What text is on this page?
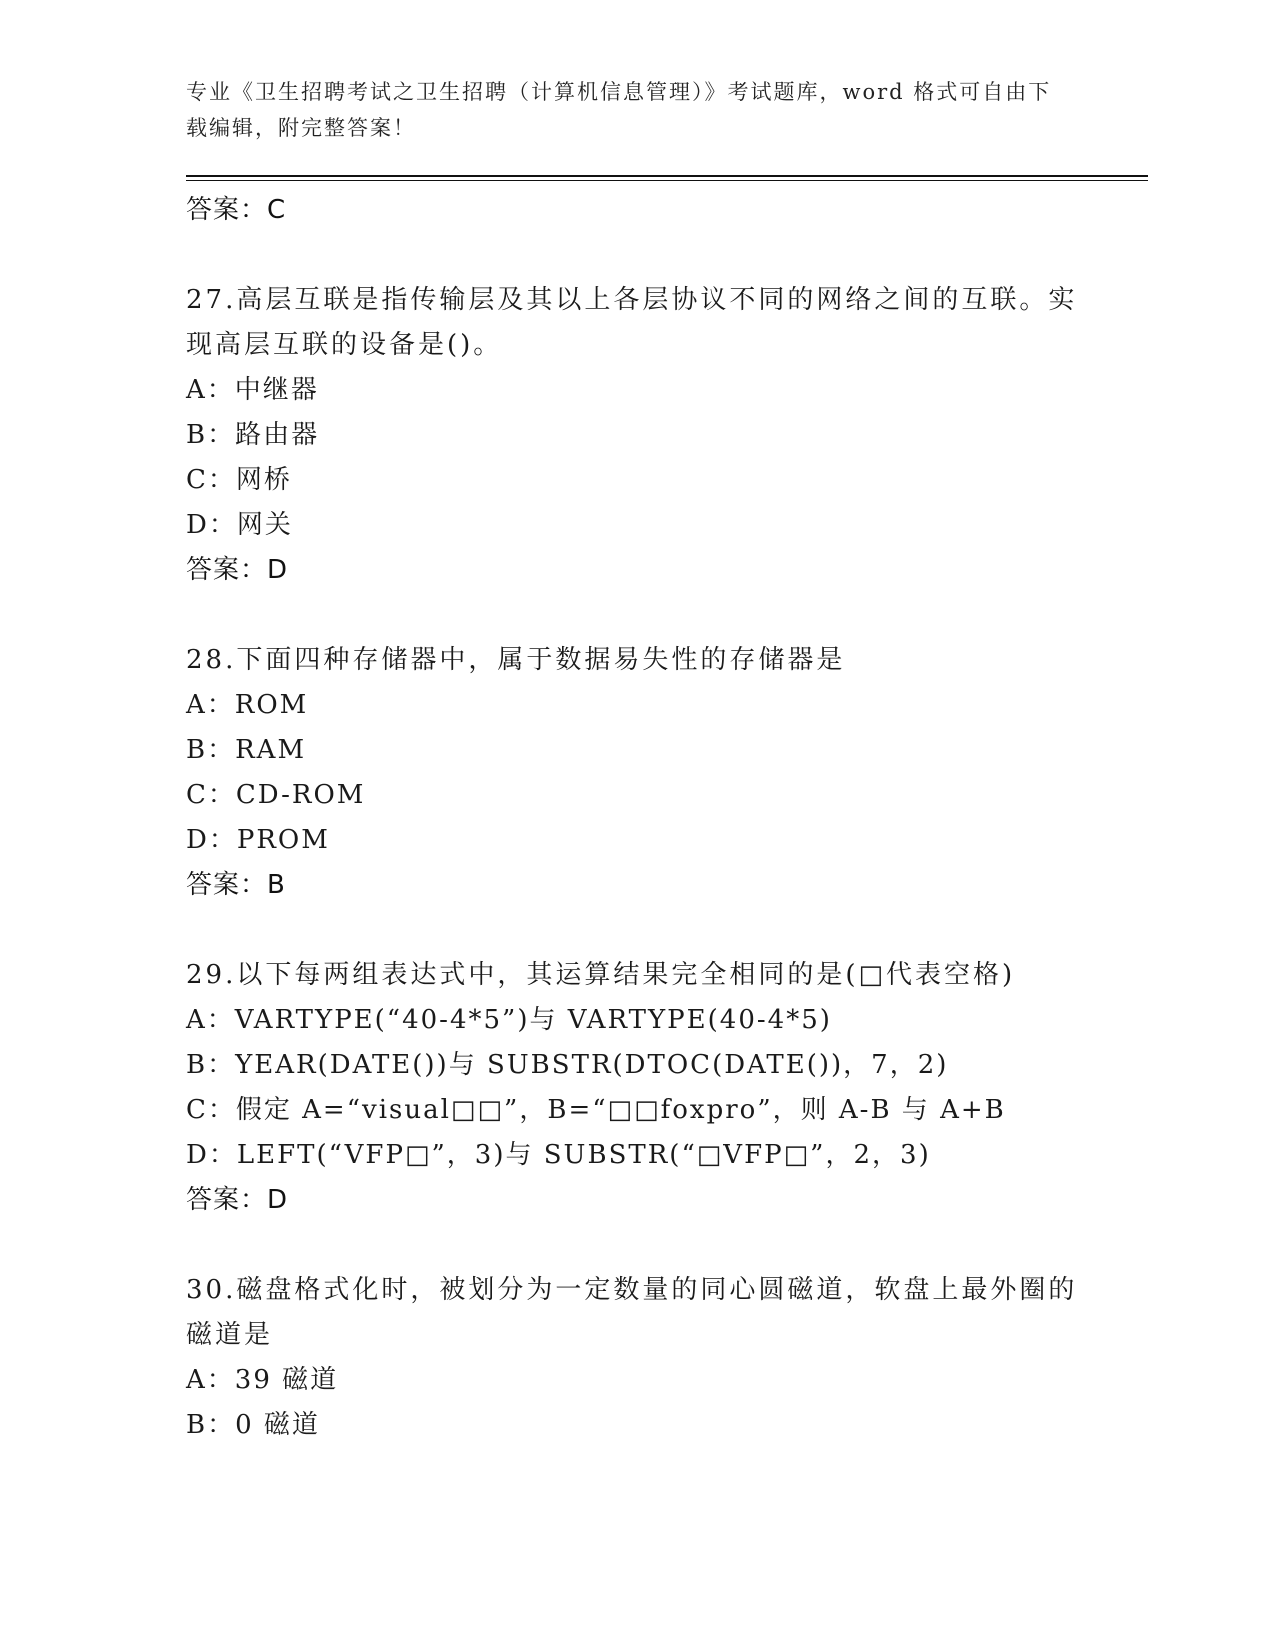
专业《卫生招聘考试之卫生招聘（计算机信息管理）》考试题库，word 格式可自由下载编辑，附完整答案！
答案：C
27.高层互联是指传输层及其以上各层协议不同的网络之间的互联。实现高层互联的设备是()。
A：中继器
B：路由器
C：网桥
D：网关
答案：D
28.下面四种存储器中，属于数据易失性的存储器是
A：ROM
B：RAM
C：CD-ROM
D：PROM
答案：B
29.以下每两组表达式中，其运算结果完全相同的是(□代表空格)
A：VARTYPE(“40-4*5”)与 VARTYPE(40-4*5)
B：YEAR(DATE())与 SUBSTR(DTOC(DATE())，7，2)
C：假定 A=“visual□□”，B=“□□foxpro”，则 A-B 与 A+B
D：LEFT(“VFP□”，3)与 SUBSTR(“□VFP□”，2，3)
答案：D
30.磁盘格式化时，被划分为一定数量的同心圆磁道，软盘上最外圈的磁道是
A：39 磁道
B：0 磁道
